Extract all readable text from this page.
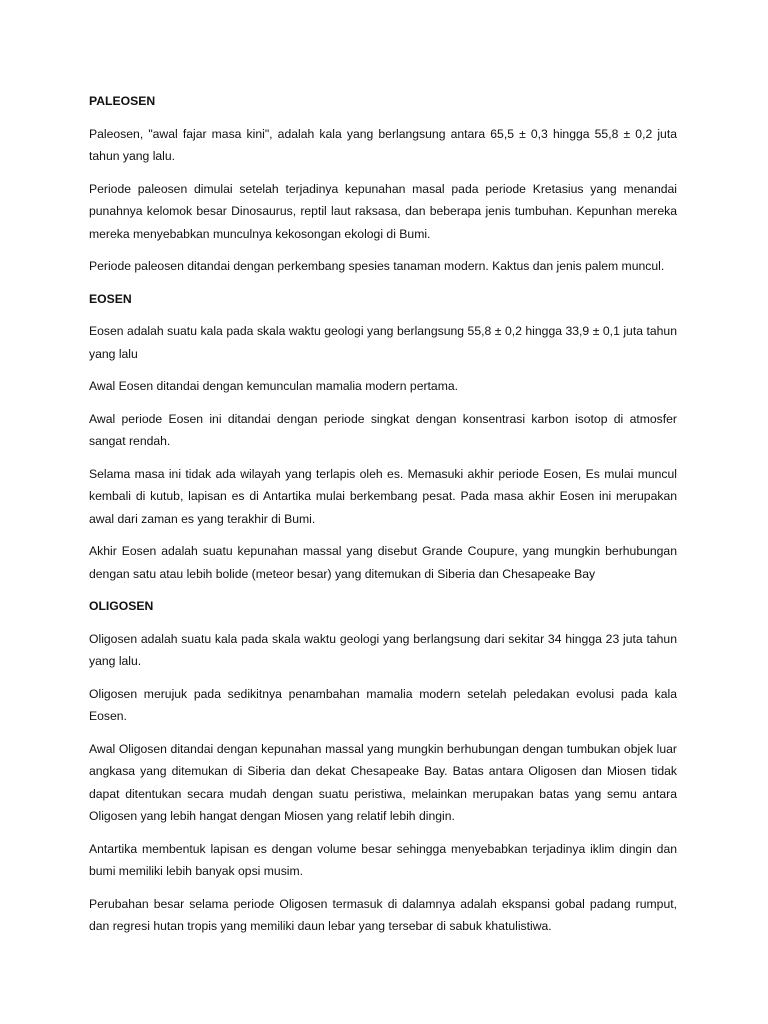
PALEOSEN

Paleosen, "awal fajar masa kini", adalah kala yang berlangsung antara 65,5 ± 0,3 hingga 55,8 ± 0,2 juta tahun yang lalu.

Periode paleosen dimulai setelah terjadinya kepunahan masal pada periode Kretasius yang menandai punahnya kelomok besar Dinosaurus, reptil laut raksasa, dan beberapa jenis tumbuhan. Kepunhan mereka mereka menyebabkan munculnya kekosongan ekologi di Bumi.

Periode paleosen ditandai dengan perkembang spesies tanaman modern. Kaktus dan jenis palem muncul.

EOSEN

Eosen adalah suatu kala pada skala waktu geologi yang berlangsung 55,8 ± 0,2 hingga 33,9 ± 0,1 juta tahun yang lalu

Awal Eosen ditandai dengan kemunculan mamalia modern pertama.

Awal periode Eosen ini ditandai dengan periode singkat dengan konsentrasi karbon isotop di atmosfer sangat rendah.

Selama masa ini tidak ada wilayah yang terlapis oleh es. Memasuki akhir periode Eosen, Es mulai muncul kembali di kutub, lapisan es di Antartika mulai berkembang pesat. Pada masa akhir Eosen ini merupakan awal dari zaman es yang terakhir di Bumi.

Akhir Eosen adalah suatu kepunahan massal yang disebut Grande Coupure, yang mungkin berhubungan dengan satu atau lebih bolide (meteor besar) yang ditemukan di Siberia dan Chesapeake Bay

OLIGOSEN

Oligosen adalah suatu kala pada skala waktu geologi yang berlangsung dari sekitar 34 hingga 23 juta tahun yang lalu.

Oligosen merujuk pada sedikitnya penambahan mamalia modern setelah peledakan evolusi pada kala Eosen.

Awal Oligosen ditandai dengan kepunahan massal yang mungkin berhubungan dengan tumbukan objek luar angkasa yang ditemukan di Siberia dan dekat Chesapeake Bay. Batas antara Oligosen dan Miosen tidak dapat ditentukan secara mudah dengan suatu peristiwa, melainkan merupakan batas yang semu antara Oligosen yang lebih hangat dengan Miosen yang relatif lebih dingin.

Antartika membentuk lapisan es dengan volume besar sehingga menyebabkan terjadinya iklim dingin dan bumi memiliki lebih banyak opsi musim.

Perubahan besar selama periode Oligosen termasuk di dalamnya adalah ekspansi gobal padang rumput, dan regresi hutan tropis yang memiliki daun lebar yang tersebar di sabuk khatulistiwa.
